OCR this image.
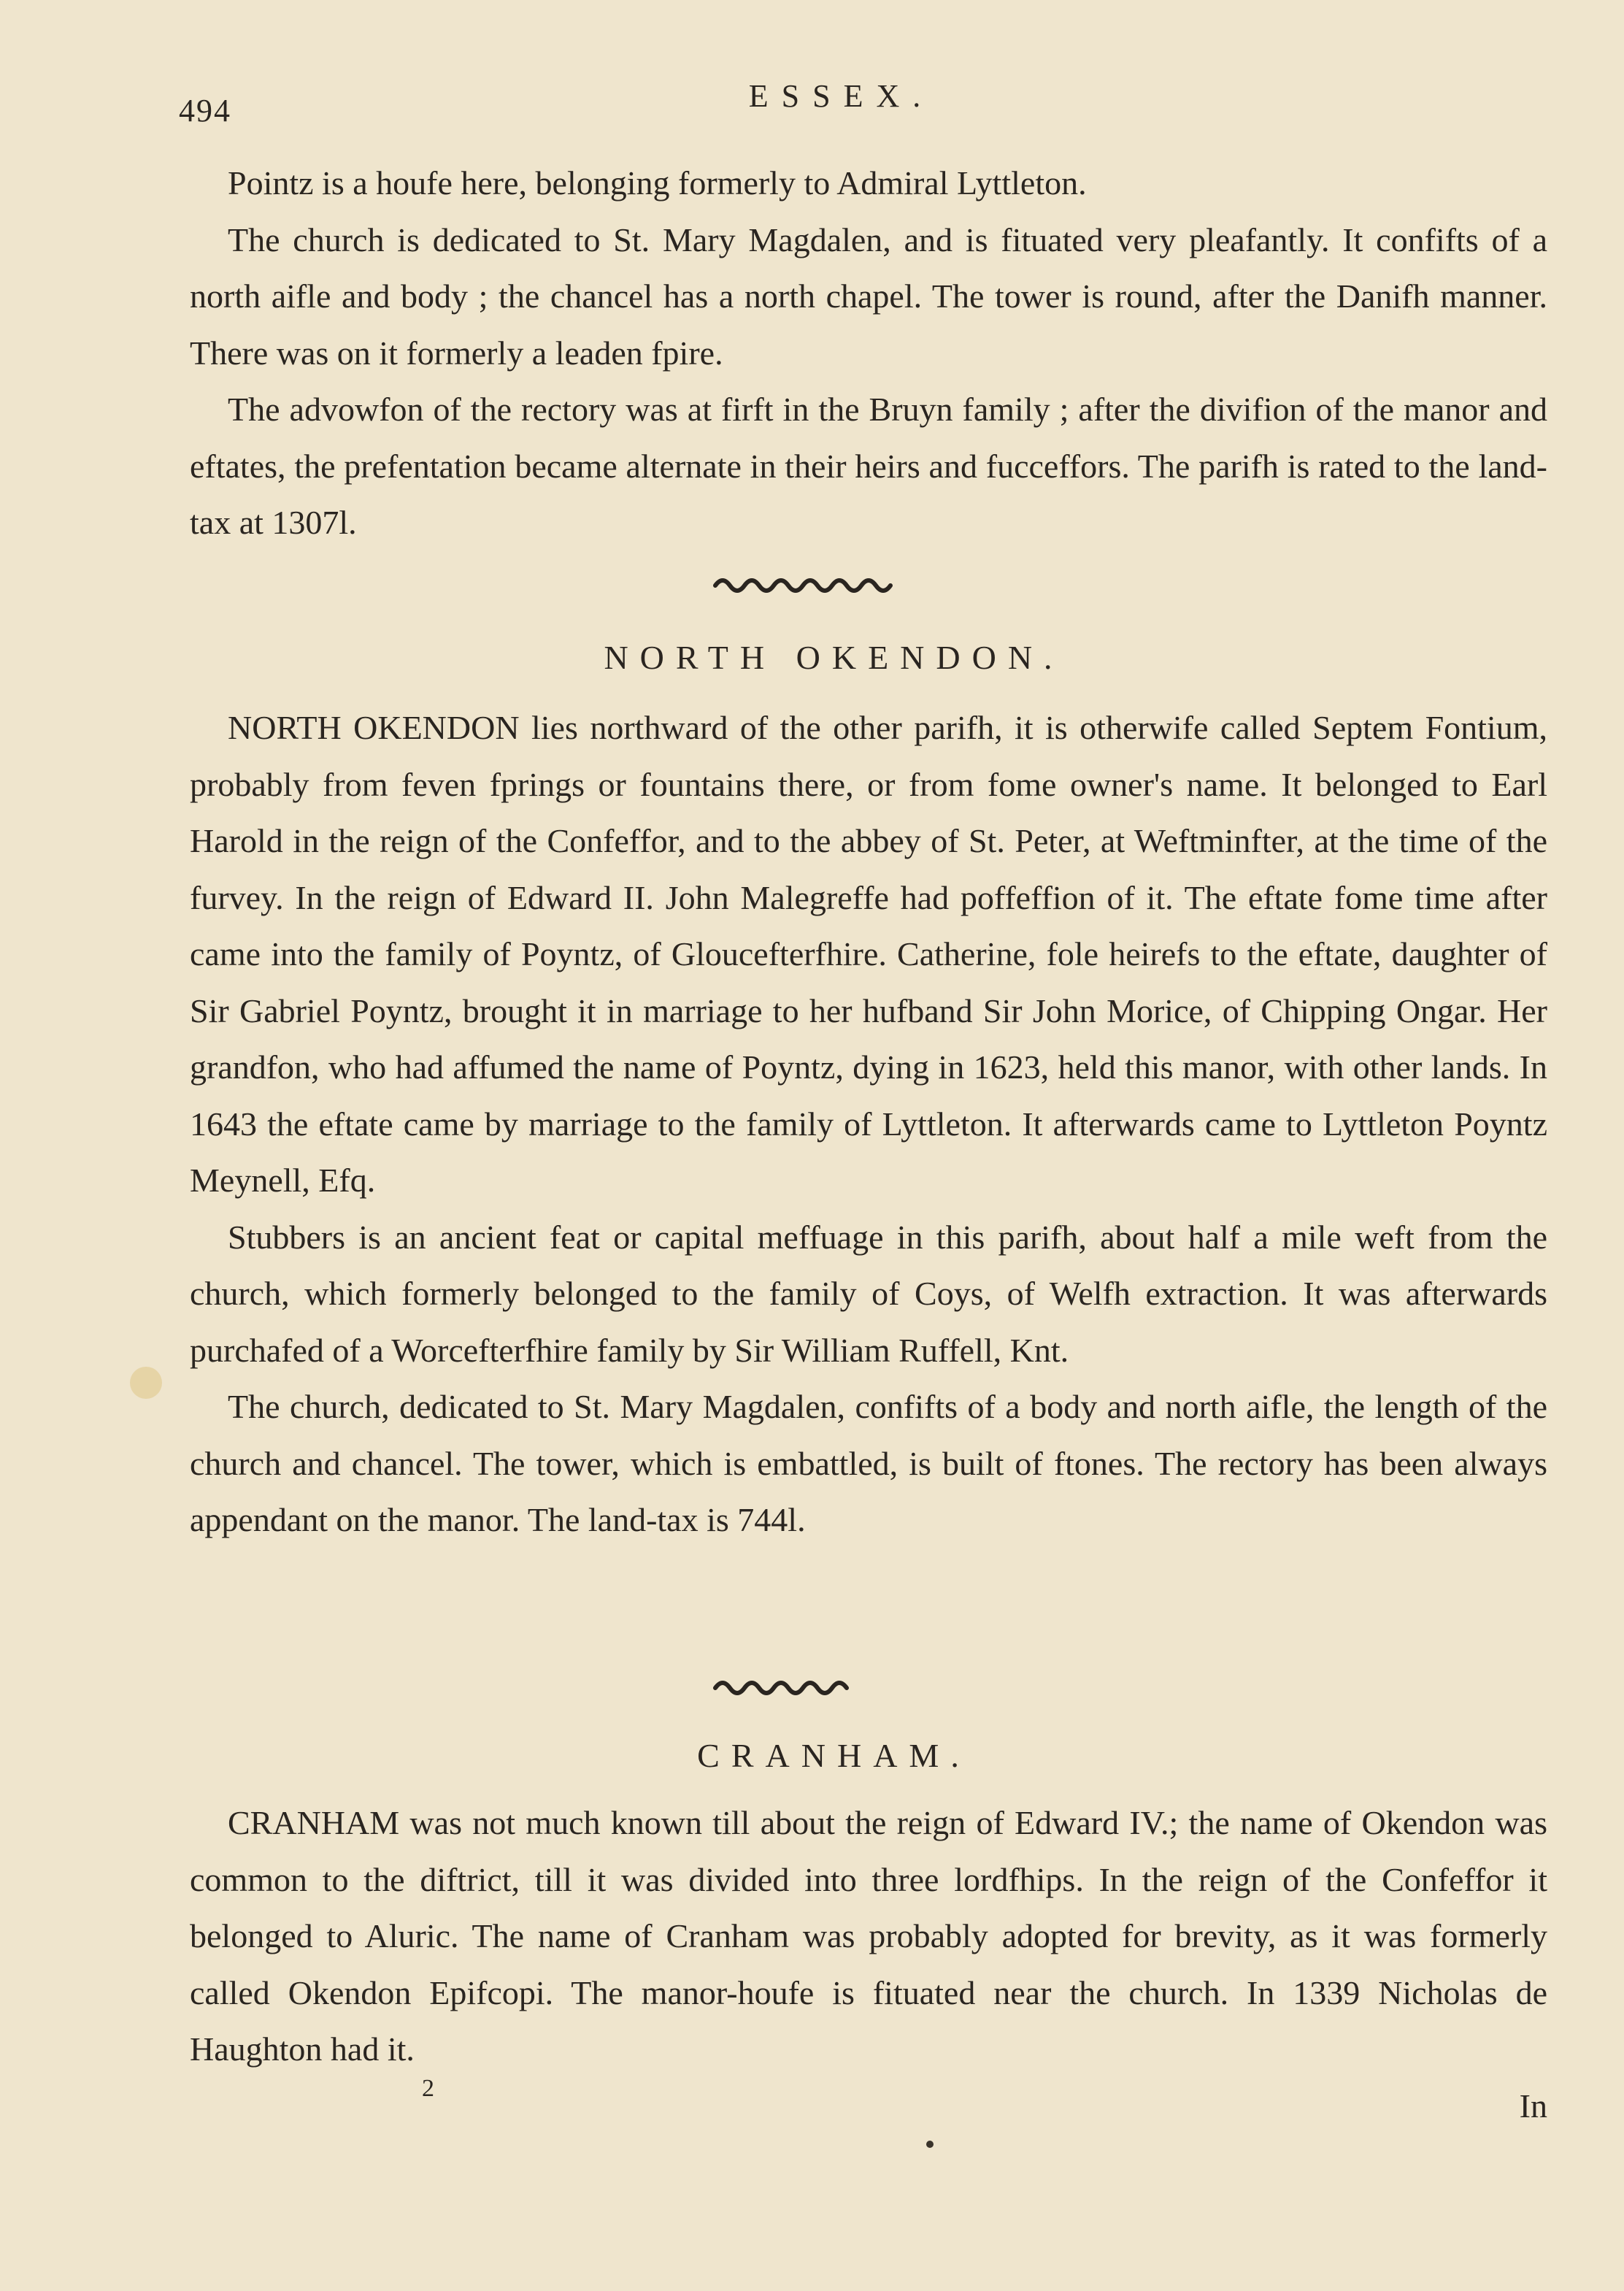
494	ESSEX.

Pointz is a houfe here, belonging formerly to Admiral Lyttleton.

The church is dedicated to St. Mary Magdalen, and is fituated very pleafantly. It confifts of a north aifle and body ; the chancel has a north chapel. The tower is round, after the Danifh manner. There was on it formerly a leaden fpire.

The advowfon of the rectory was at firft in the Bruyn family ; after the divifion of the manor and eftates, the prefentation became alternate in their heirs and fucceffors. The parifh is rated to the land-tax at 1307l.

NORTH OKENDON.

NORTH OKENDON lies northward of the other parifh, it is otherwife called Septem Fontium, probably from feven fprings or fountains there, or from fome owner's name. It belonged to Earl Harold in the reign of the Confeffor, and to the abbey of St. Peter, at Weftminfter, at the time of the furvey. In the reign of Edward II. John Malegreffe had poffeffion of it. The eftate fome time after came into the family of Poyntz, of Gloucefterfhire. Catherine, fole heirefs to the eftate, daughter of Sir Gabriel Poyntz, brought it in marriage to her hufband Sir John Morice, of Chipping Ongar. Her grandfon, who had affumed the name of Poyntz, dying in 1623, held this manor, with other lands. In 1643 the eftate came by marriage to the family of Lyttleton. It afterwards came to Lyttleton Poyntz Meynell, Efq.

Stubbers is an ancient feat or capital meffuage in this parifh, about half a mile weft from the church, which formerly belonged to the family of Coys, of Welfh extraction. It was afterwards purchafed of a Worcefterfhire family by Sir William Ruffell, Knt.

The church, dedicated to St. Mary Magdalen, confifts of a body and north aifle, the length of the church and chancel. The tower, which is embattled, is built of ftones. The rectory has been always appendant on the manor. The land-tax is 744l.

CRANHAM.

CRANHAM was not much known till about the reign of Edward IV.; the name of Okendon was common to the diftrict, till it was divided into three lordfhips. In the reign of the Confeffor it belonged to Aluric. The name of Cranham was probably adopted for brevity, as it was formerly called Okendon Epifcopi. The manor-houfe is fituated near the church. In 1339 Nicholas de Haughton had it.

2	In
